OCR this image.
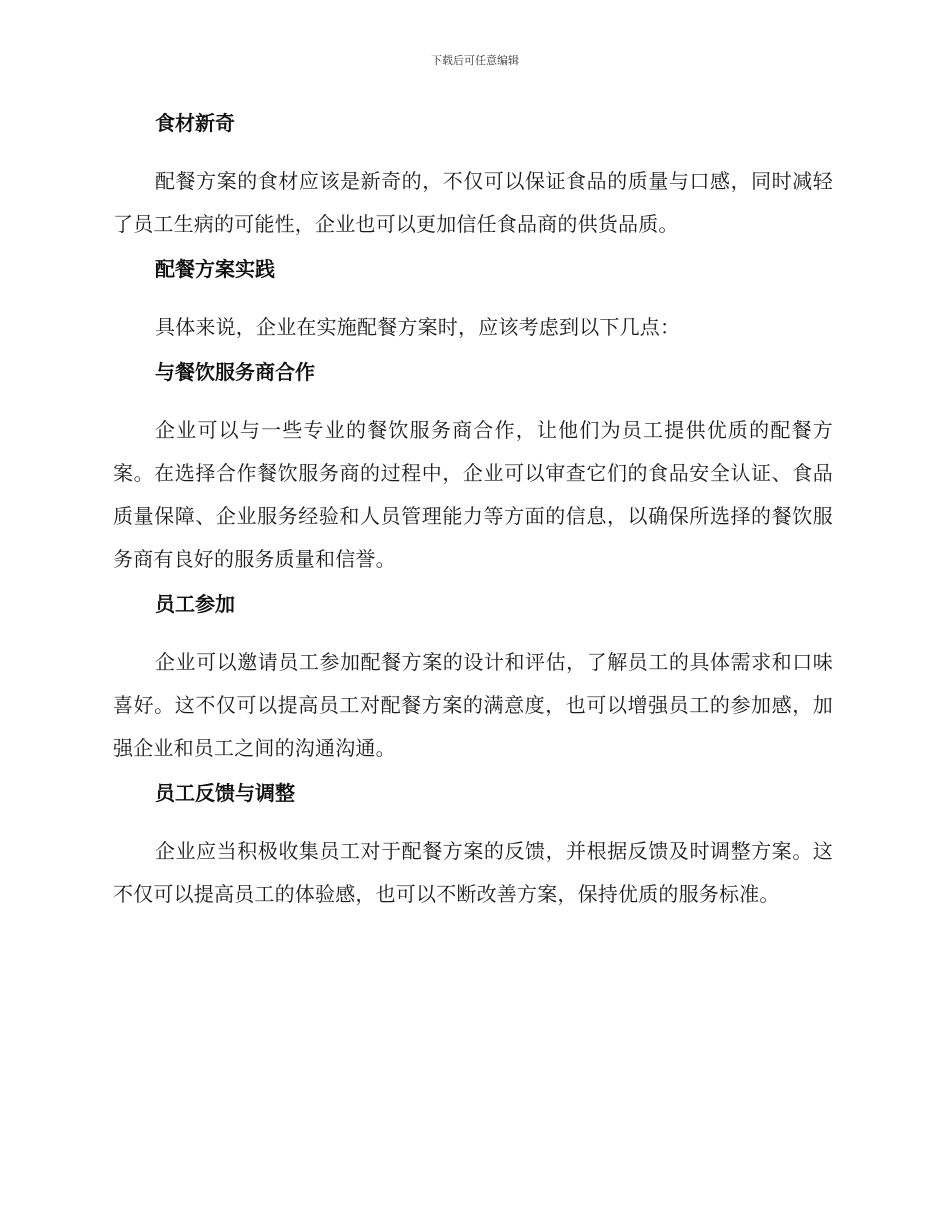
下载后可任意编辑
食材新奇

配餐方案的食材应该是新奇的，不仅可以保证食品的质量与口感，同时减轻了员工生病的可能性，企业也可以更加信任食品商的供货品质。

配餐方案实践

具体来说，企业在实施配餐方案时，应该考虑到以下几点：

与餐饮服务商合作

企业可以与一些专业的餐饮服务商合作，让他们为员工提供优质的配餐方案。在选择合作餐饮服务商的过程中，企业可以审查它们的食品安全认证、食品质量保障、企业服务经验和人员管理能力等方面的信息，以确保所选择的餐饮服务商有良好的服务质量和信誉。

员工参加

企业可以邀请员工参加配餐方案的设计和评估，了解员工的具体需求和口味喜好。这不仅可以提高员工对配餐方案的满意度，也可以增强员工的参加感，加强企业和员工之间的沟通沟通。

员工反馈与调整

企业应当积极收集员工对于配餐方案的反馈，并根据反馈及时调整方案。这不仅可以提高员工的体验感，也可以不断改善方案，保持优质的服务标准。
